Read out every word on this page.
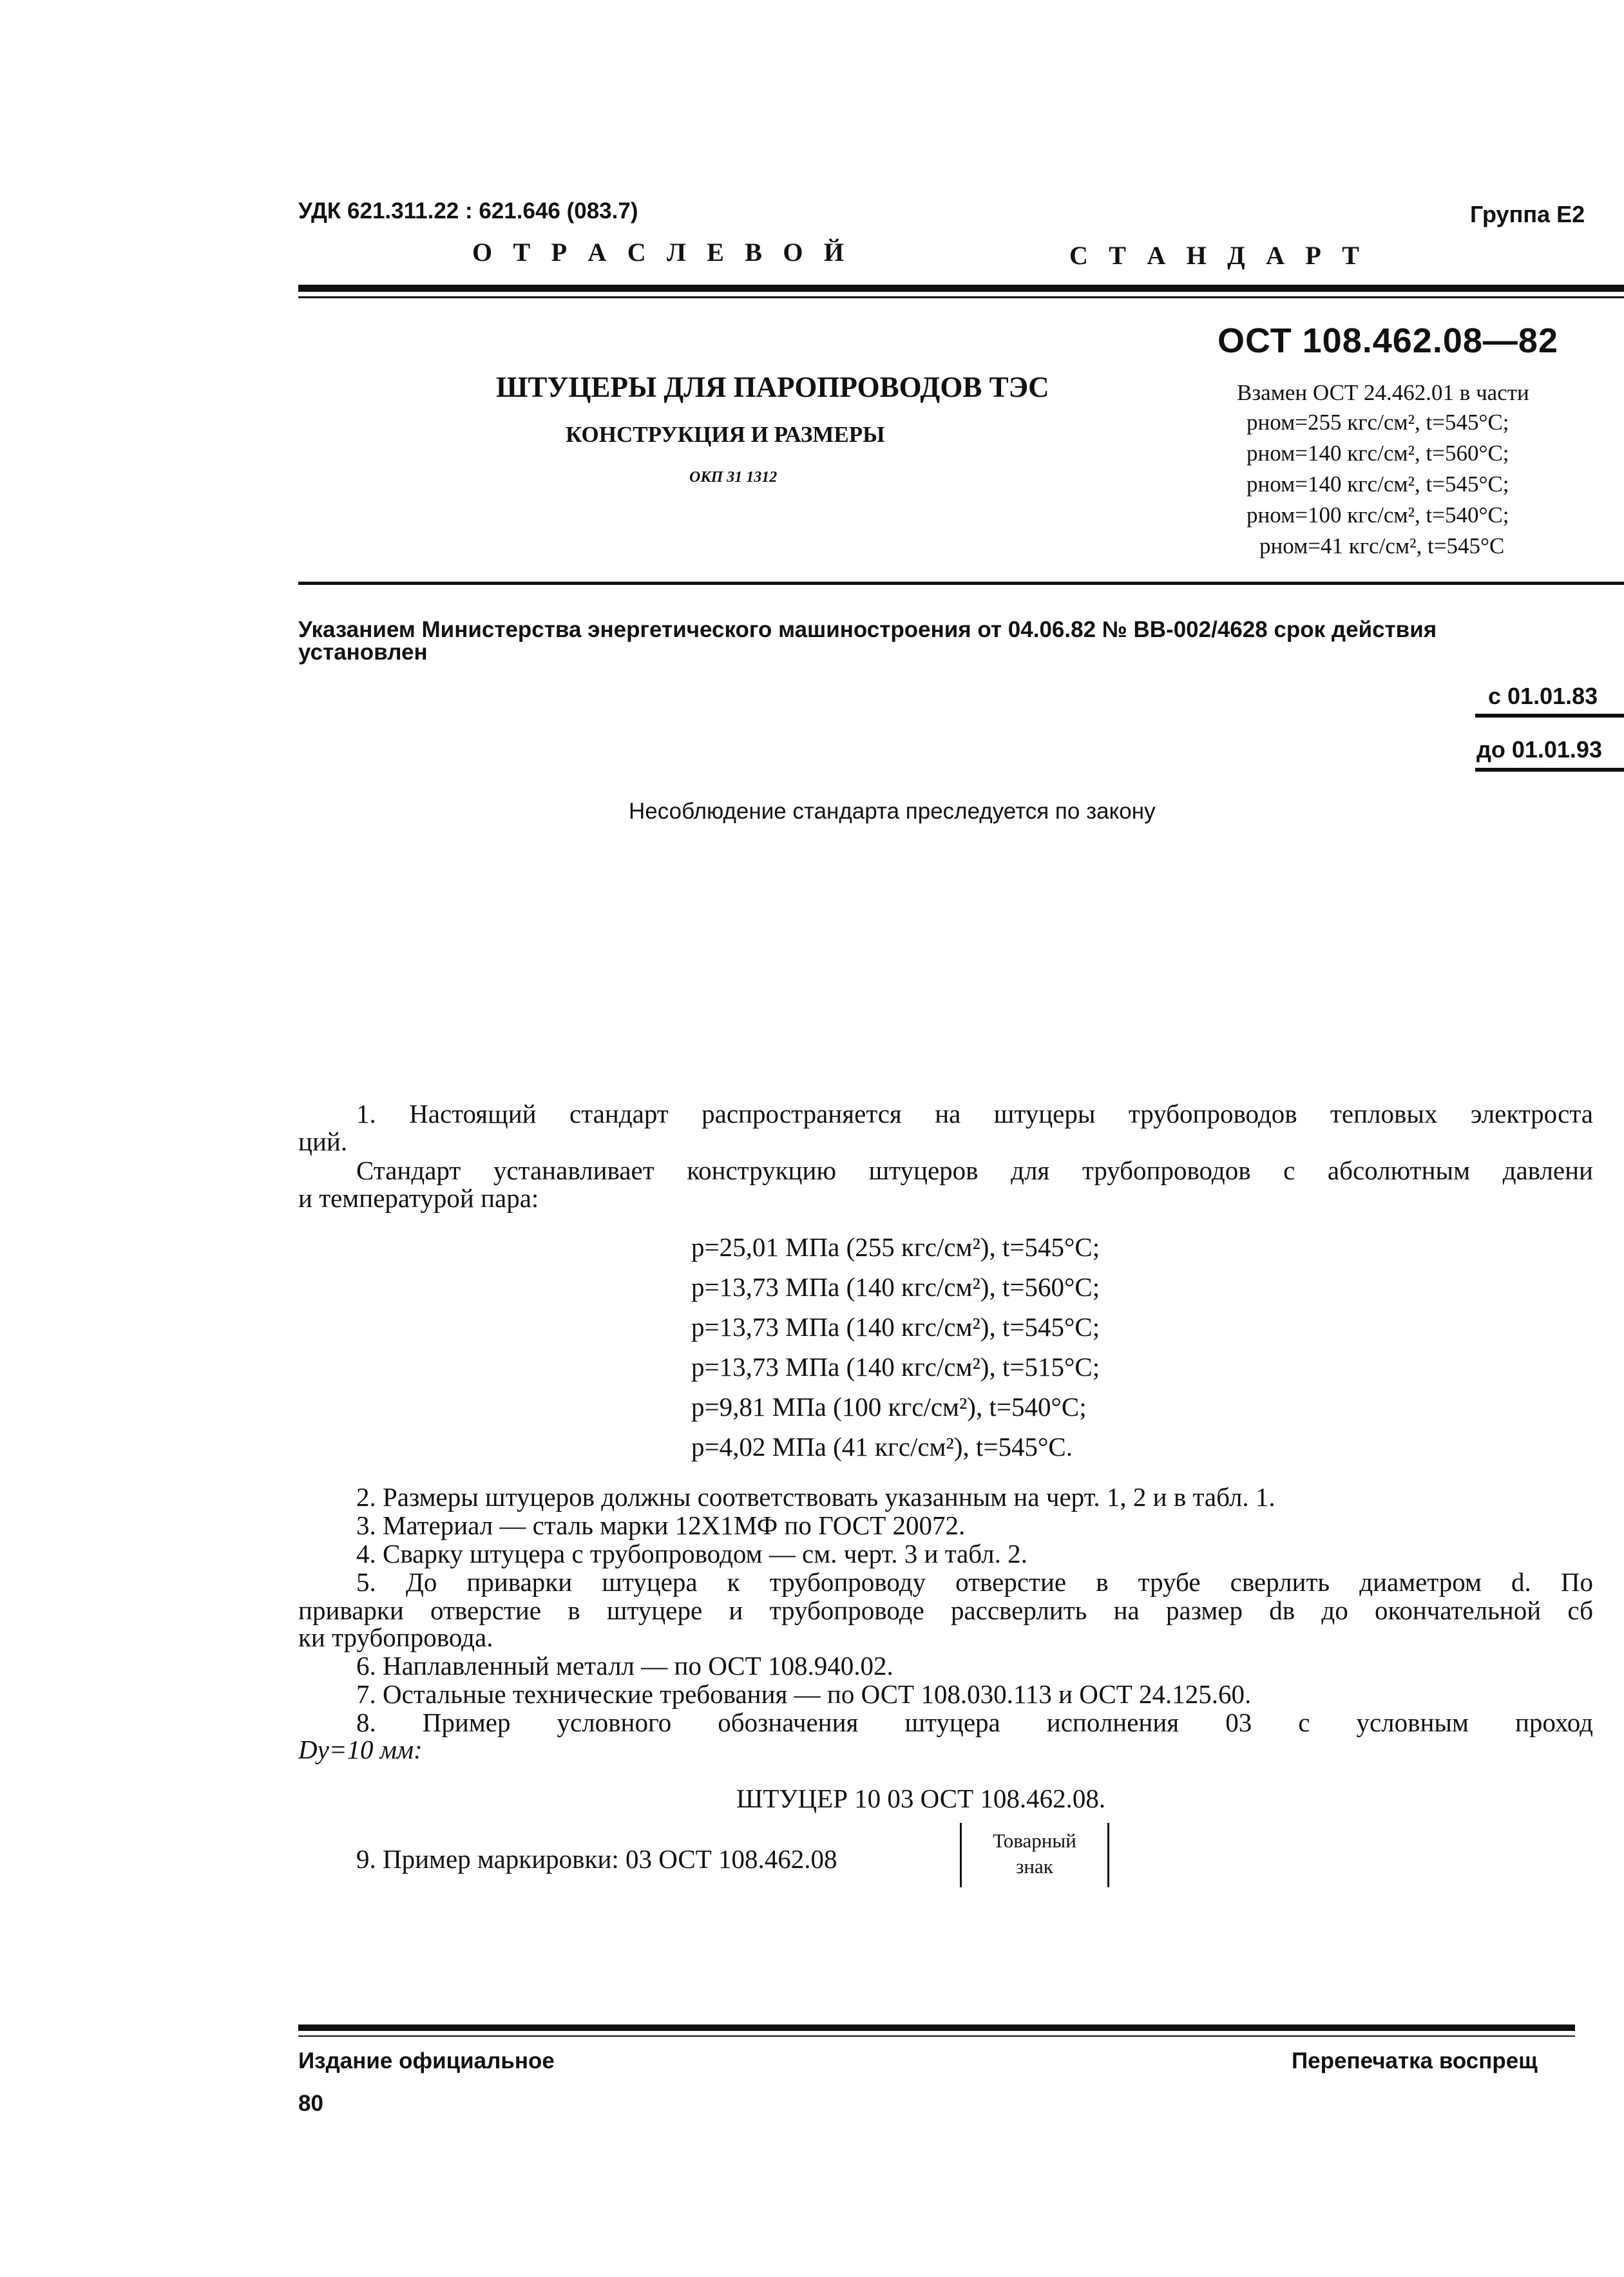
УДК 621.311.22 : 621.646 (083.7)	Группа Е2
О Т Р А С Л Е В О Й	С Т А Н Д А Р Т
ОСТ 108.462.08—82
ШТУЦЕРЫ ДЛЯ ПАРОПРОВОДОВ ТЭС
КОНСТРУКЦИЯ И РАЗМЕРЫ
ОКП 31 1312
Взамен ОСТ 24.462.01 в части
pном=255 кгс/см², t=545°C;
pном=140 кгс/см², t=560°C;
pном=140 кгс/см², t=545°C;
pном=100 кгс/см², t=540°C;
pном=41 кгс/см², t=545°C
Указанием Министерства энергетического машиностроения от 04.06.82 № ВВ-002/4628 срок действия
установлен
с 01.01.83
до 01.01.93
Несоблюдение стандарта преследуется по закону
1. Настоящий стандарт распространяется на штуцеры трубопроводов тепловых электроста
ций.
Стандарт устанавливает конструкцию штуцеров для трубопроводов с абсолютным давлени
и температурой пара:
p=25,01 МПа (255 кгс/см²), t=545°C;
p=13,73 МПа (140 кгс/см²), t=560°C;
p=13,73 МПа (140 кгс/см²), t=545°C;
p=13,73 МПа (140 кгс/см²), t=515°C;
p=9,81 МПа (100 кгс/см²), t=540°C;
p=4,02 МПа (41 кгс/см²), t=545°C.
2. Размеры штуцеров должны соответствовать указанным на черт. 1, 2 и в табл. 1.
3. Материал — сталь марки 12Х1МФ по ГОСТ 20072.
4. Сварку штуцера с трубопроводом — см. черт. 3 и табл. 2.
5. До приварки штуцера к трубопроводу отверстие в трубе сверлить диаметром d. По
приварки отверстие в штуцере и трубопроводе рассверлить на размер dв до окончательной сб
ки трубопровода.
6. Наплавленный металл — по ОСТ 108.940.02.
7. Остальные технические требования — по ОСТ 108.030.113 и ОСТ 24.125.60.
8. Пример условного обозначения штуцера исполнения 03 с условным проход
Dу=10 мм:
ШТУЦЕР 10 03 ОСТ 108.462.08.
9. Пример маркировки: 03 ОСТ 108.462.08
Товарный
знак
Издание официальное	Перепечатка воспрещ
80
